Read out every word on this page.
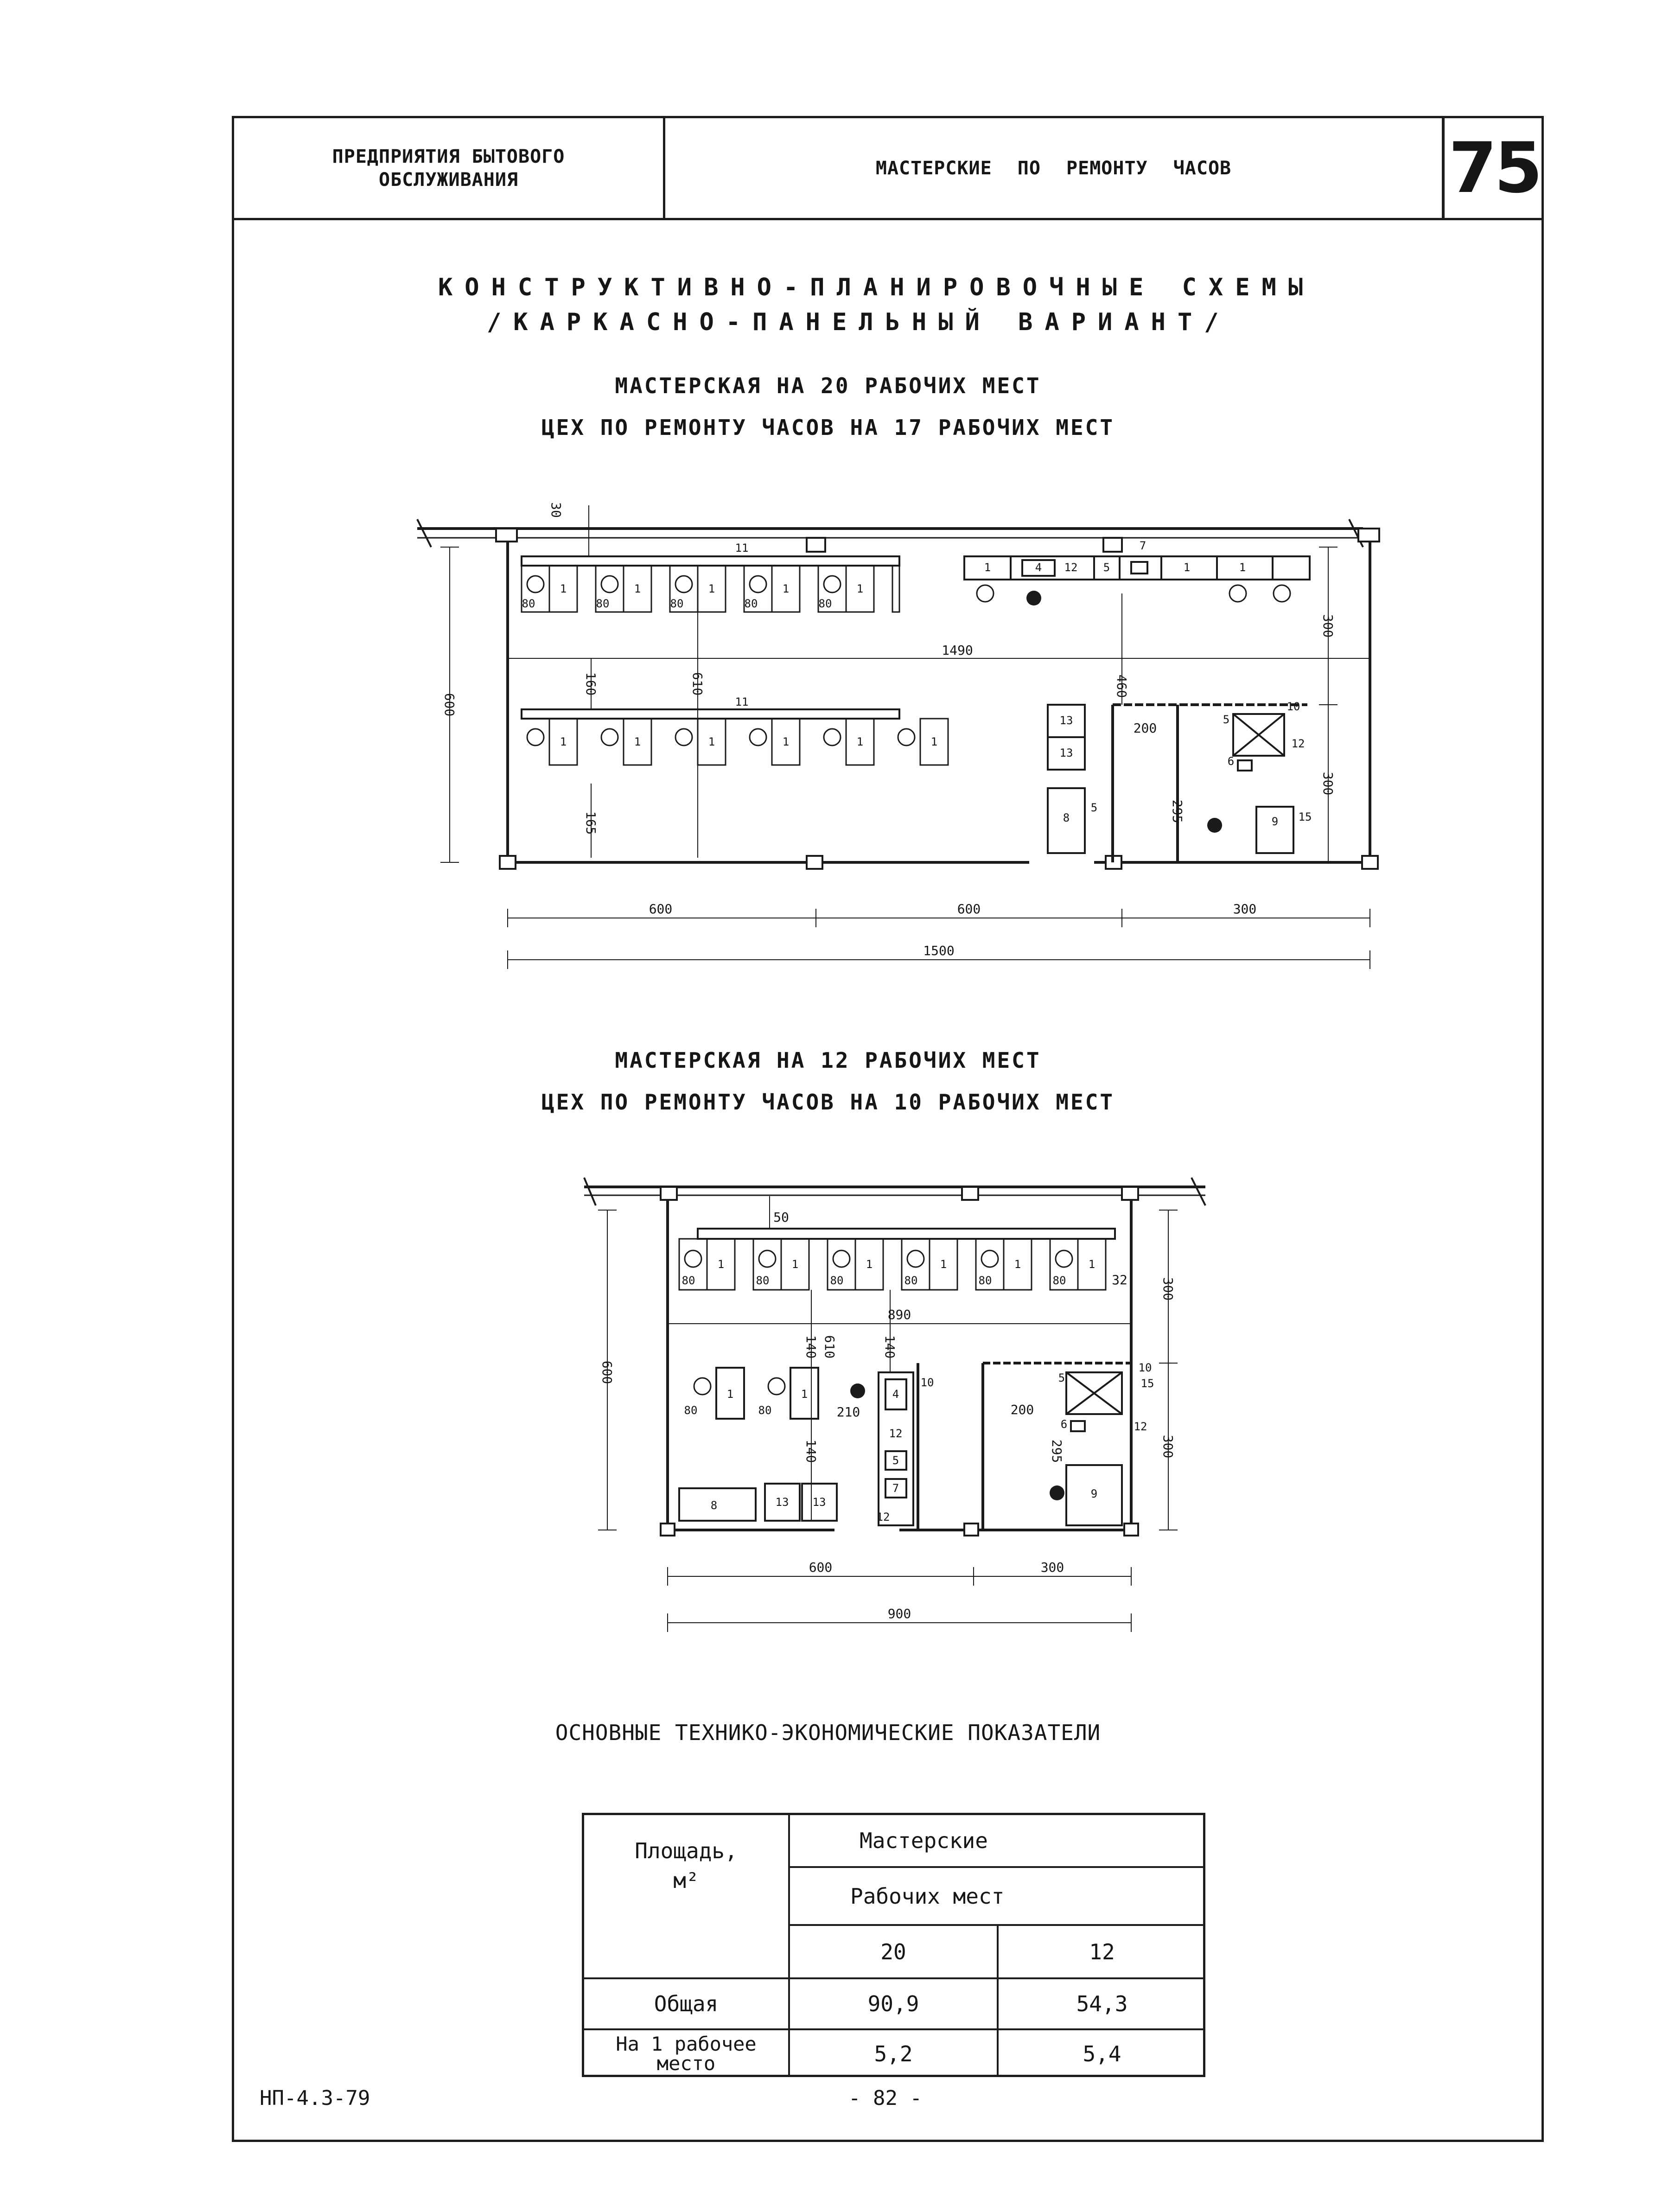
ПРЕДПРИЯТИЯ БЫТОВОГО
ОБСЛУЖИВАНИЯ
МАСТЕРСКИЕ ПО РЕМОНТУ ЧАСОВ	75
КОНСТРУКТИВНО-ПЛАНИРОВОЧНЫЕ СХЕМЫ
/КАРКАСНО-ПАНЕЛЬНЫЙ ВАРИАНТ/
МАСТЕРСКАЯ НА 20 РАБОЧИХ МЕСТ
ЦЕХ ПО РЕМОНТУ ЧАСОВ НА 17 РАБОЧИХ МЕСТ
1	1	1	1	1
80	80	80	80	80
11
11
1	4 12 5	1	1
7
1	1	1	1	1	1
13
13
8
5
5
6
10
12
9 15
30
1490
160	610	460
600
165
200
295
300
300
600	600	300
1500
МАСТЕРСКАЯ НА 12 РАБОЧИХ МЕСТ
ЦЕХ ПО РЕМОНТУ ЧАСОВ НА 10 РАБОЧИХ МЕСТ
1	1	1	1	1	1
80	80	80	80	80	80
1	1
80	80
4
12
5
7
12
8	13 13
5
6
10
15
12
9
10
50
890
140 610	140
140
210	200
295
600
300
300
32
600	300
900
ОСНОВНЫЕ ТЕХНИКО-ЭКОНОМИЧЕСКИЕ ПОКАЗАТЕЛИ
Площадь,
м²
Мастерские
Рабочих мест
20	12
Общая	90,9	54,3
На 1 рабочее
место	5,2	5,4
НП-4.3-79	- 82 -
